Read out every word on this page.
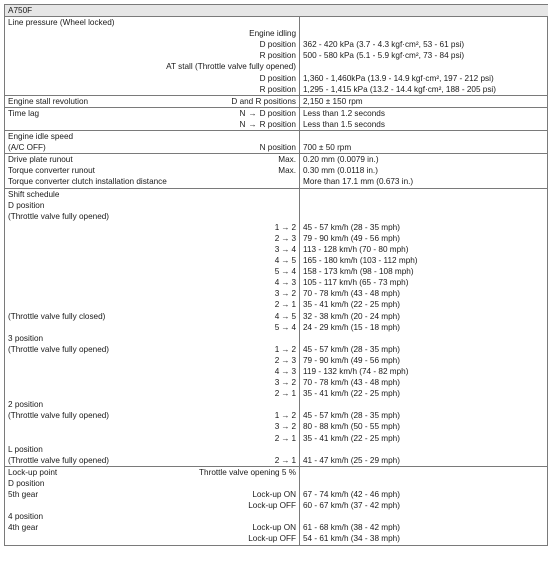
A750F	

Line pressure (Wheel locked)	

Engine idling	

D position	362 - 420 kPa (3.7 - 4.3 kgf·cm², 53 - 61 psi)

R position	500 - 580 kPa (5.1 - 5.9 kgf·cm², 73 - 84 psi)

AT stall (Throttle valve fully opened)	

D position	1,360 - 1,460kPa (13.9 - 14.9 kgf·cm², 197 - 212 psi)

R position	1,295 - 1,415 kPa (13.2 - 14.4 kgf·cm², 188 - 205 psi)

Engine stall revolution D and R positions	2,150 ± 150 rpm

Time lag N → D position	Less than 1.2 seconds

N → R position	Less than 1.5 seconds

Engine idle speed	

(A/C OFF) N position	700 ± 50 rpm

Drive plate runout Max.	0.20 mm (0.0079 in.)

Torque converter runout Max.	0.30 mm (0.0118 in.)

Torque converter clutch installation distance	More than 17.1 mm (0.673 in.)

Shift schedule	

D position	

(Throttle valve fully opened)	

1 → 2	45 - 57 km/h (28 - 35 mph)

2 → 3	79 - 90 km/h (49 - 56 mph)

3 → 4	113 - 128 km/h (70 - 80 mph)

4 → 5	165 - 180 km/h (103 - 112 mph)

5 → 4	158 - 173 km/h (98 - 108 mph)

4 → 3	105 - 117 km/h (65 - 73 mph)

3 → 2	70 - 78 km/h (43 - 48 mph)

2 → 1	35 - 41 km/h (22 - 25 mph)

(Throttle valve fully closed) 4 → 5	32 - 38 km/h (20 - 24 mph)

5 → 4	24 - 29 km/h (15 - 18 mph)

3 position	

(Throttle valve fully opened) 1 → 2	45 - 57 km/h (28 - 35 mph)

2 → 3	79 - 90 km/h (49 - 56 mph)

4 → 3	119 - 132 km/h (74 - 82 mph)

3 → 2	70 - 78 km/h (43 - 48 mph)

2 → 1	35 - 41 km/h (22 - 25 mph)

2 position	

(Throttle valve fully opened) 1 → 2	45 - 57 km/h (28 - 35 mph)

3 → 2	80 - 88 km/h (50 - 55 mph)

2 → 1	35 - 41 km/h (22 - 25 mph)

L position	

(Throttle valve fully opened) 2 → 1	41 - 47 km/h (25 - 29 mph)

Lock-up point Throttle valve opening 5 %	

D position	

5th gear Lock-up ON	67 - 74 km/h (42 - 46 mph)

Lock-up OFF	60 - 67 km/h (37 - 42 mph)

4 position	

4th gear Lock-up ON	61 - 68 km/h (38 - 42 mph)

Lock-up OFF	54 - 61 km/h (34 - 38 mph)
